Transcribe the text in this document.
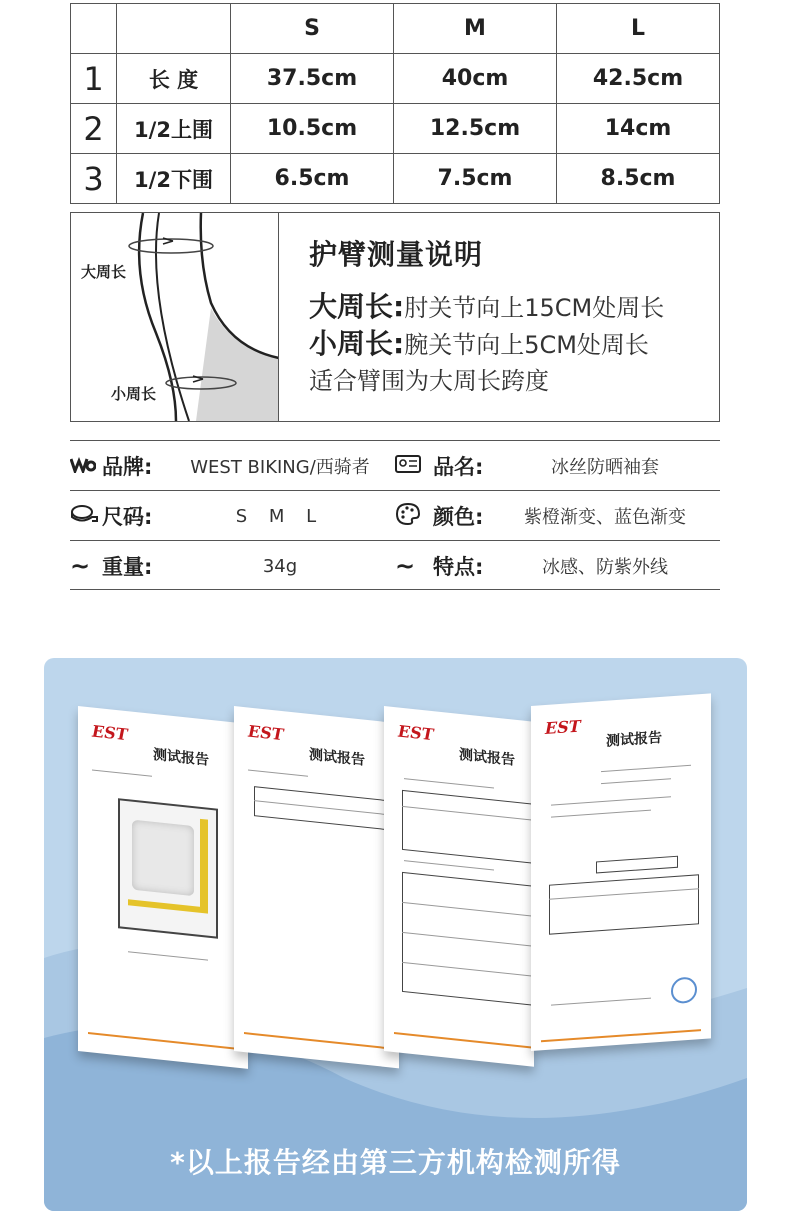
		S	M	L
1	长 度	37.5cm	40cm	42.5cm
2	1/2上围	10.5cm	12.5cm	14cm
3	1/2下围	6.5cm	7.5cm	8.5cm
大周长
小周长
护臂测量说明
大周长:肘关节向上15CM处周长
小周长:腕关节向上5CM处周长
适合臂围为大周长跨度
品牌:	WEST BIKING/西骑者	品名:	冰丝防晒袖套
尺码:	S M L	颜色:	紫橙渐变、蓝色渐变
~ 重量:	34g	~ 特点:	冰感、防紫外线
EST
测试报告
EST
测试报告
EST
测试报告
EST
测试报告
*以上报告经由第三方机构检测所得
